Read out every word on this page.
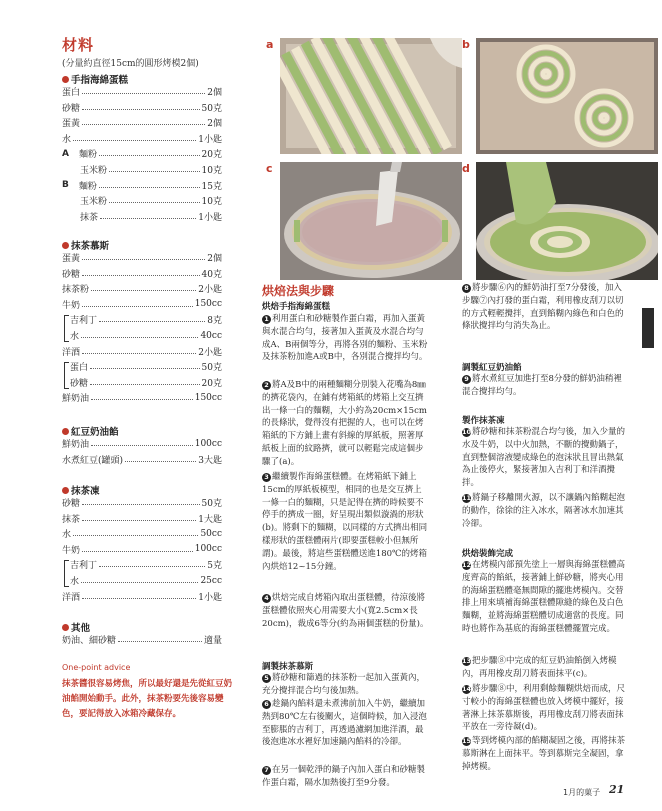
材料
(分量約直徑15cm的圓形烤模2個)
手指海綿蛋糕
蛋白	2個
砂糖	50克
蛋黃	2個
水	1小匙
A 麵粉	20克
玉米粉	10克
B 麵粉	15克
玉米粉	10克
抹茶	1小匙
抹茶慕斯
蛋黃	2個
砂糖	40克
抹茶粉	2小匙
牛奶	150cc
吉利丁	8克
水	40cc
洋酒	2小匙
蛋白	50克
砂糖	20克
鮮奶油	150cc
紅豆奶油餡
鮮奶油	100cc
水煮紅豆(罐頭)	3大匙
抹茶凍
砂糖	50克
抹茶	1大匙
水	50cc
牛奶	100cc
吉利丁	5克
水	25cc
洋酒	1小匙
其他
奶油、細砂糖	適量
One-point advice
抹茶醬很容易烤焦，所以最好還是先從紅豆奶油餡開始動手。此外，抹茶粉要先後容易變色，要記得放入冰箱冷藏保存。
a	b
c	d
烘焙法與步驟
烘焙手指海綿蛋糕
1 利用蛋白和砂糖製作蛋白霜，再加入蛋黃與水混合均勻，接著加入蛋黃及水混合均勻成A、B兩個等分，再將各別的麵粉、玉米粉及抹茶粉加進A或B中，各別混合攪拌均勻。
2 將A及B中的兩種麵糊分別裝入花嘴為8㎜的擠花袋內，在鋪有烤箱紙的烤箱上交互擠出一條一白的麵糊，大小約為20cm×15cm的長條狀，覺得沒有把握的人，也可以在烤箱紙的下方鋪上畫有斜線的厚紙板，照著厚紙板上面的紋路擠，就可以輕鬆完成這個步驟了(a)。
3 繼續製作海綿蛋糕體。在烤箱紙下鋪上15cm的厚紙板模型，相同的也是交互擠上一條一白的麵糊，只是記得在擠的時候要不停手的擠成一圈，好呈現出類似漩渦的形狀(b)。將剩下的麵糊，以同樣的方式擠出相同樣形狀的蛋糕體兩片(即要蛋糕較小但無所謂)。最後，將這些蛋糕體送進180℃的烤箱內烘焙12~15分鐘。
4 烘焙完成自烤箱內取出蛋糕體，待涼後將蛋糕體依照夾心用需要大小(寬2.5cm×長20cm)，裁成6等分(約為兩個蛋糕的份量)。
調製抹茶慕斯
5 將砂糖和篩過的抹茶粉一起加入蛋黃內，充分攪拌混合均勻後加熱。
6 趁鍋內餡料還未煮沸前加入牛奶，繼續加熱到80℃左右後關火，這個時候，加入浸泡至膨脹的吉利丁，再透過濾網加進洋酒，最後泡進冰水裡好加速鍋內餡料的冷卻。
7 在另一個乾淨的鍋子內加入蛋白和砂糖製作蛋白霜，隔水加熱後打至9分發。
8 將步驟⑥內的鮮奶油打至7分發後，加入步驟⑦內打發的蛋白霜，利用橡皮刮刀以切的方式輕輕攪拌，直到餡糊內綠色和白色的條狀攪拌均勻消失為止。
調製紅豆奶油餡
9 將水煮紅豆加進打至8分發的鮮奶油稍裡混合攪拌均勻。
製作抹茶凍
10將砂糖和抹茶粉混合均勻後，加入少量的水及牛奶，以中火加熱，不斷的攪動鍋子，直到整個溶液變成綠色的泡沫狀且冒出熱氣為止後停火，緊接著加入吉利丁和洋酒攪拌。
11將鍋子移離開火源，以不讓鍋內餡糊起泡的動作，徐徐的注入冰水，隔著冰水加速其冷卻。
烘焙裝飾完成
12在烤模內部預先塗上一層與海綿蛋糕體高度齊高的餡紙，接著鋪上鮮砂糖，將夾心用的海綿蛋糕體毫無間隙的擺進烤模內。交替排上用來填補海綿蛋糕體隙縫的綠色及白色麵糊，並將海綿蛋糕體切成適當的長度。同時也將作為基底的海綿蛋糕體擺置完成。
13把步驟⑧中完成的紅豆奶油餡倒入烤模內，再用橡皮刮刀將表面抹平(c)。
14將步驟⑧中，利用剩餘麵糊烘焙而成，尺寸較小的海綿蛋糕體也放入烤模中擺好，接著淋上抹茶慕斯後，再用橡皮刮刀將表面抹平放在一旁待凝(d)。
15等到烤模內部的餡糊凝固之後，再將抹茶慕斯淋在上面抹平。等到慕斯完全凝固，拿掉烤模。
1月的菓子 21
